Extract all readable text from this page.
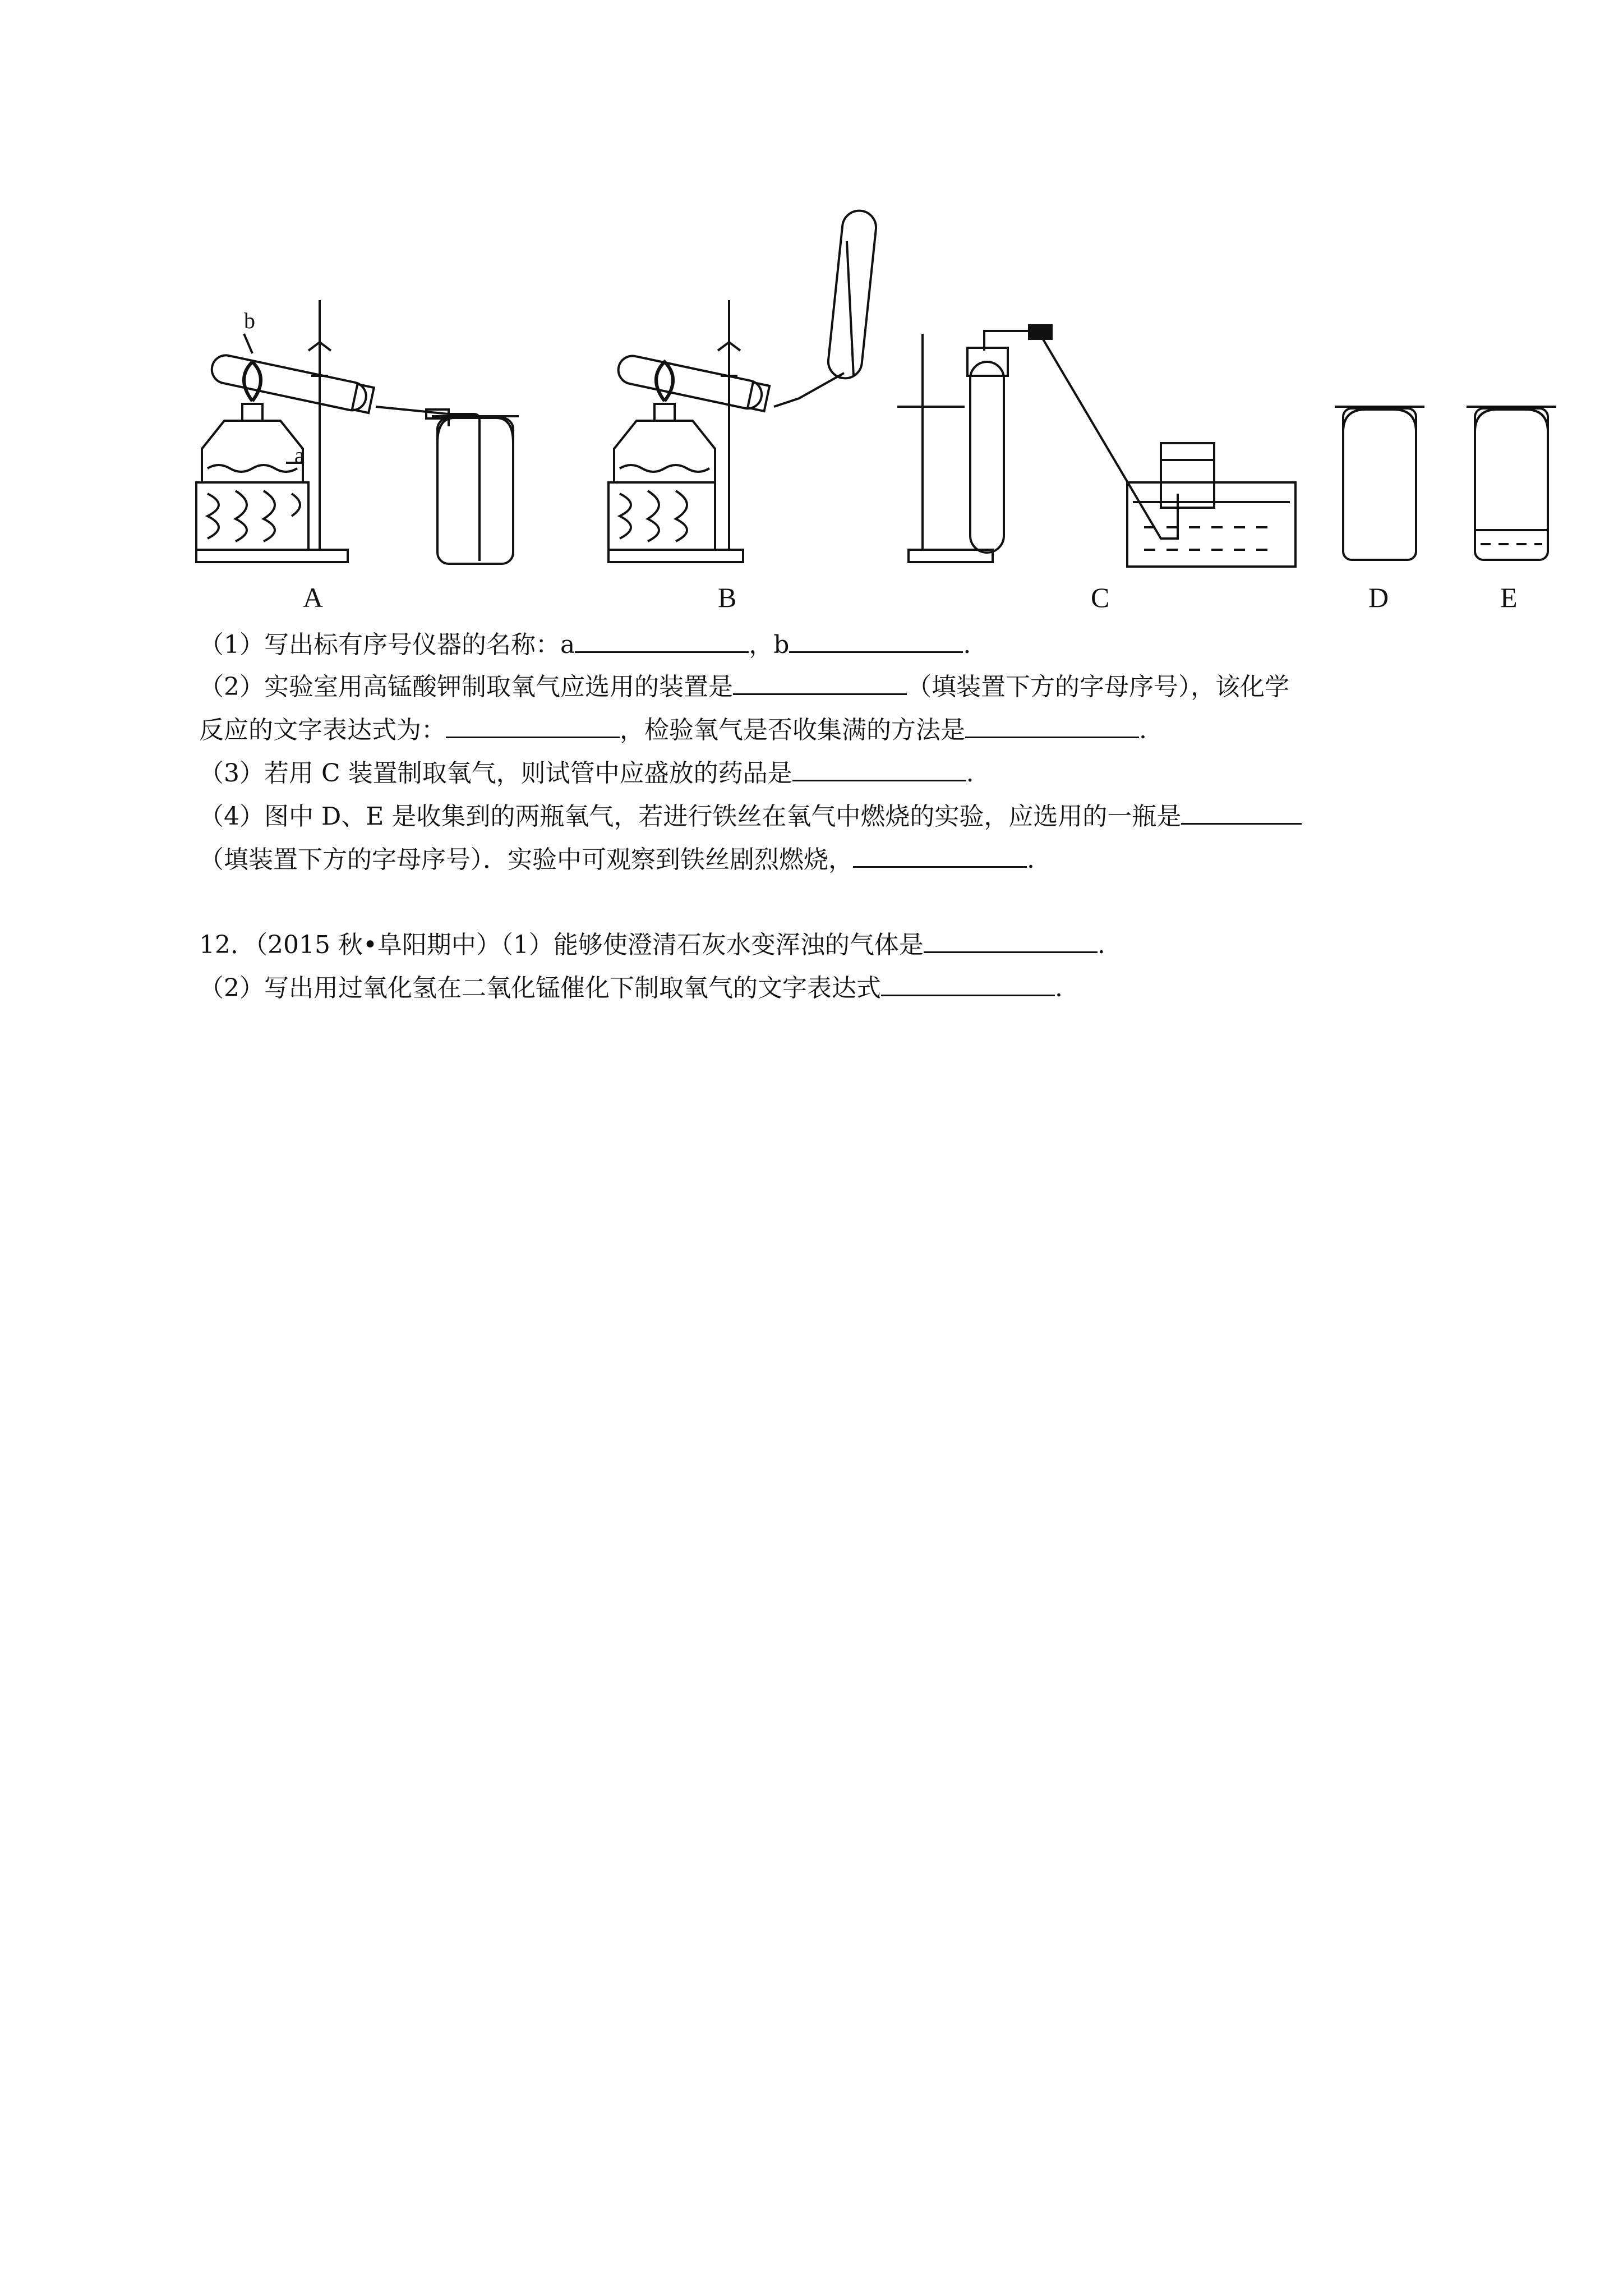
A
b
a
B	C	D	E
（1）写出标有序号仪器的名称：a	，b	.
（2）实验室用高锰酸钾制取氧气应选用的装置是	（填装置下方的字母序号），该化学
反应的文字表达式为：	，检验氧气是否收集满的方法是	.
（3）若用 C 装置制取氧气，则试管中应盛放的药品是	.
（4）图中 D、E 是收集到的两瓶氧气，若进行铁丝在氧气中燃烧的实验，应选用的一瓶是
（填装置下方的字母序号）．实验中可观察到铁丝剧烈燃烧，	.
12．（2015 秋•阜阳期中）（1）能够使澄清石灰水变浑浊的气体是	.
（2）写出用过氧化氢在二氧化锰催化下制取氧气的文字表达式	.
